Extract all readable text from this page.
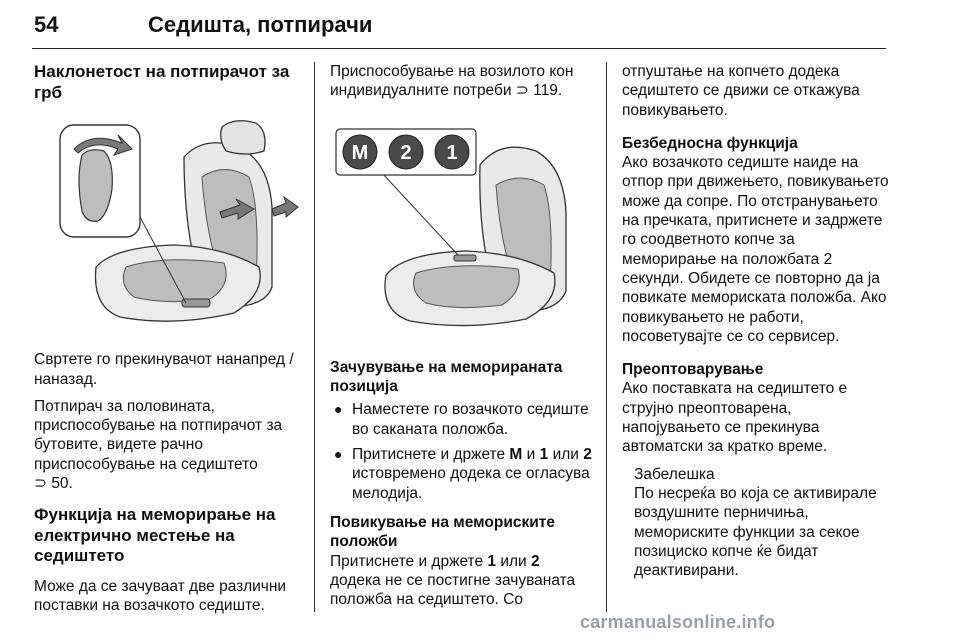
54	Седишта, потпирачи
Наклонетост на потпирачот за грб

Свртете го прекинувачот нанапред / наназад.

Потпирач за половината, приспособување на потпирачот за бутовите, видете рачно приспособување на седиштето
⊃ 50.

Функција на меморирање на електрично местење на седиштето

Може да се зачуваат две различни поставки на возачкото седиште.

Приспособување на возилото кон индивидуалните потреби ⊃ 119.

M 2 1
Зачувување на меморираната позиција
● Наместете го возачкото седиште во саканата положба.
● Притиснете и држете M и 1 или 2 истовремено додека се огласува мелодија.
Повикување на мемориските положби

Притиснете и држете 1 или 2 додека не се постигне зачуваната положба на седиштето. Со

отпуштање на копчето додека седиштето се движи се откажува повикувањето.

Безбедносна функција

Ако возачкото седиште наиде на отпор при движењето, повикувањето може да сопре. По отстранувањето на пречката, притиснете и задржете го соодветното копче за меморирање на положбата 2 секунди. Обидете се повторно да ја повикате мемориската положба. Ако повикувањето не работи, посоветувајте се со сервисер.

Преоптоварување

Ако поставката на седиштето е струјно преоптоварена, напојувањето се прекинува автоматски за кратко време.

Забелешка
По несреќа во која се активирале воздушните перничиња, мемориските функции за секое позициско копче ќе бидат деактивирани.
carmanualsonline.info
